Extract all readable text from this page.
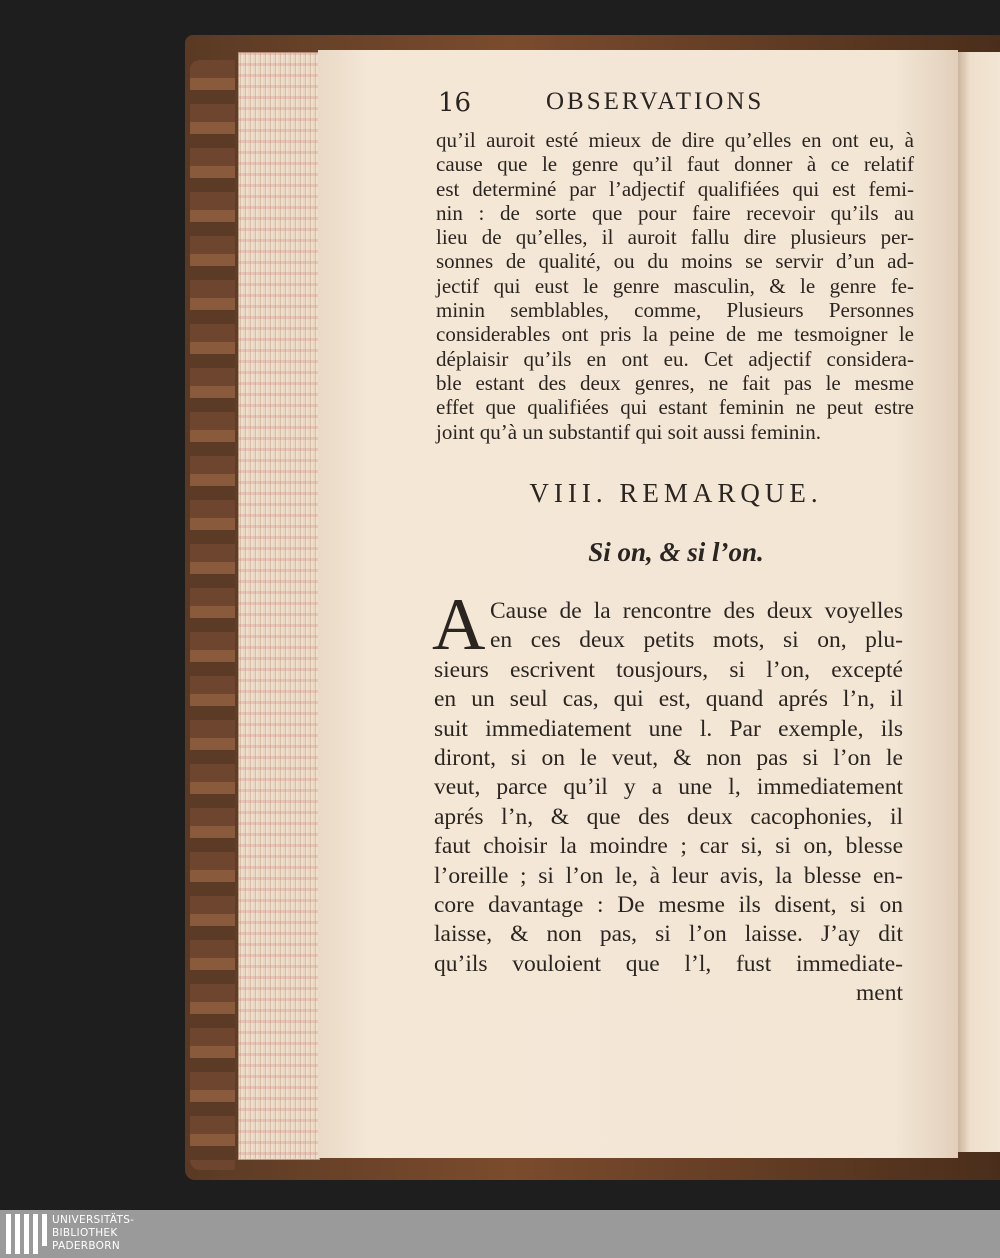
16	OBSERVATIONS
qu’il auroit esté mieux de dire qu’elles en ont eu, à
cause que le genre qu’il faut donner à ce relatif
est determiné par l’adjectif qualifiées qui est femi-
nin : de sorte que pour faire recevoir qu’ils au
lieu de qu’elles, il auroit fallu dire plusieurs per-
sonnes de qualité, ou du moins se servir d’un ad-
jectif qui eust le genre masculin, & le genre fe-
minin semblables, comme, Plusieurs Personnes
considerables ont pris la peine de me tesmoigner le
déplaisir qu’ils en ont eu. Cet adjectif considera-
ble estant des deux genres, ne fait pas le mesme
effet que qualifiées qui estant feminin ne peut estre
joint qu’à un substantif qui soit aussi feminin.
VIII. REMARQUE.
Si on, & si l’on.
A Cause de la rencontre des deux voyelles
en ces deux petits mots, si on, plu-
sieurs escrivent tousjours, si l’on, excepté
en un seul cas, qui est, quand aprés l’n, il
suit immediatement une l. Par exemple, ils
diront, si on le veut, & non pas si l’on le
veut, parce qu’il y a une l, immediatement
aprés l’n, & que des deux cacophonies, il
faut choisir la moindre ; car si, si on, blesse
l’oreille ; si l’on le, à leur avis, la blesse en-
core davantage : De mesme ils disent, si on
laisse, & non pas, si l’on laisse. J’ay dit
qu’ils vouloient que l’l, fust immediate-
ment
UNIVERSITÄTS-
BIBLIOTHEK
PADERBORN
